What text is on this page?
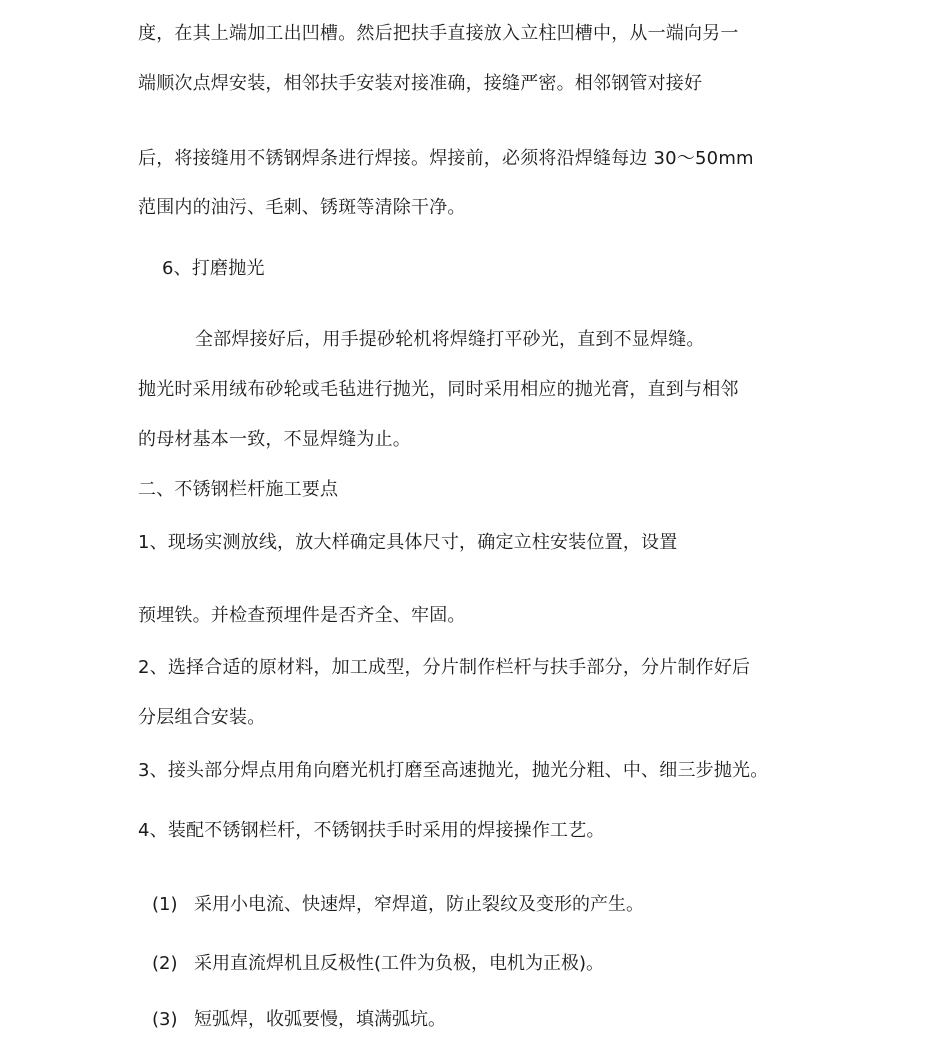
度，在其上端加工出凹槽。然后把扶手直接放入立柱凹槽中，从一端向另一
端顺次点焊安装，相邻扶手安装对接准确，接缝严密。相邻钢管对接好
后，将接缝用不锈钢焊条进行焊接。焊接前，必须将沿焊缝每边 30〜50mm
范围内的油污、毛刺、锈斑等清除干净。
6、打磨抛光
全部焊接好后，用手提砂轮机将焊缝打平砂光，直到不显焊缝。
抛光时采用绒布砂轮或毛毡进行抛光，同时采用相应的抛光膏，直到与相邻
的母材基本一致，不显焊缝为止。
二、不锈钢栏杆施工要点
1、现场实测放线，放大样确定具体尺寸，确定立柱安装位置，设置
预埋铁。并检查预埋件是否齐全、牢固。
2、选择合适的原材料，加工成型，分片制作栏杆与扶手部分，分片制作好后
分层组合安装。
3、接头部分焊点用角向磨光机打磨至高速抛光，抛光分粗、中、细三步抛光。
4、装配不锈钢栏杆，不锈钢扶手时采用的焊接操作工艺。
(1) 采用小电流、快速焊，窄焊道，防止裂纹及变形的产生。
(2) 采用直流焊机且反极性(工件为负极，电机为正极)。
(3) 短弧焊，收弧要慢，填满弧坑。
